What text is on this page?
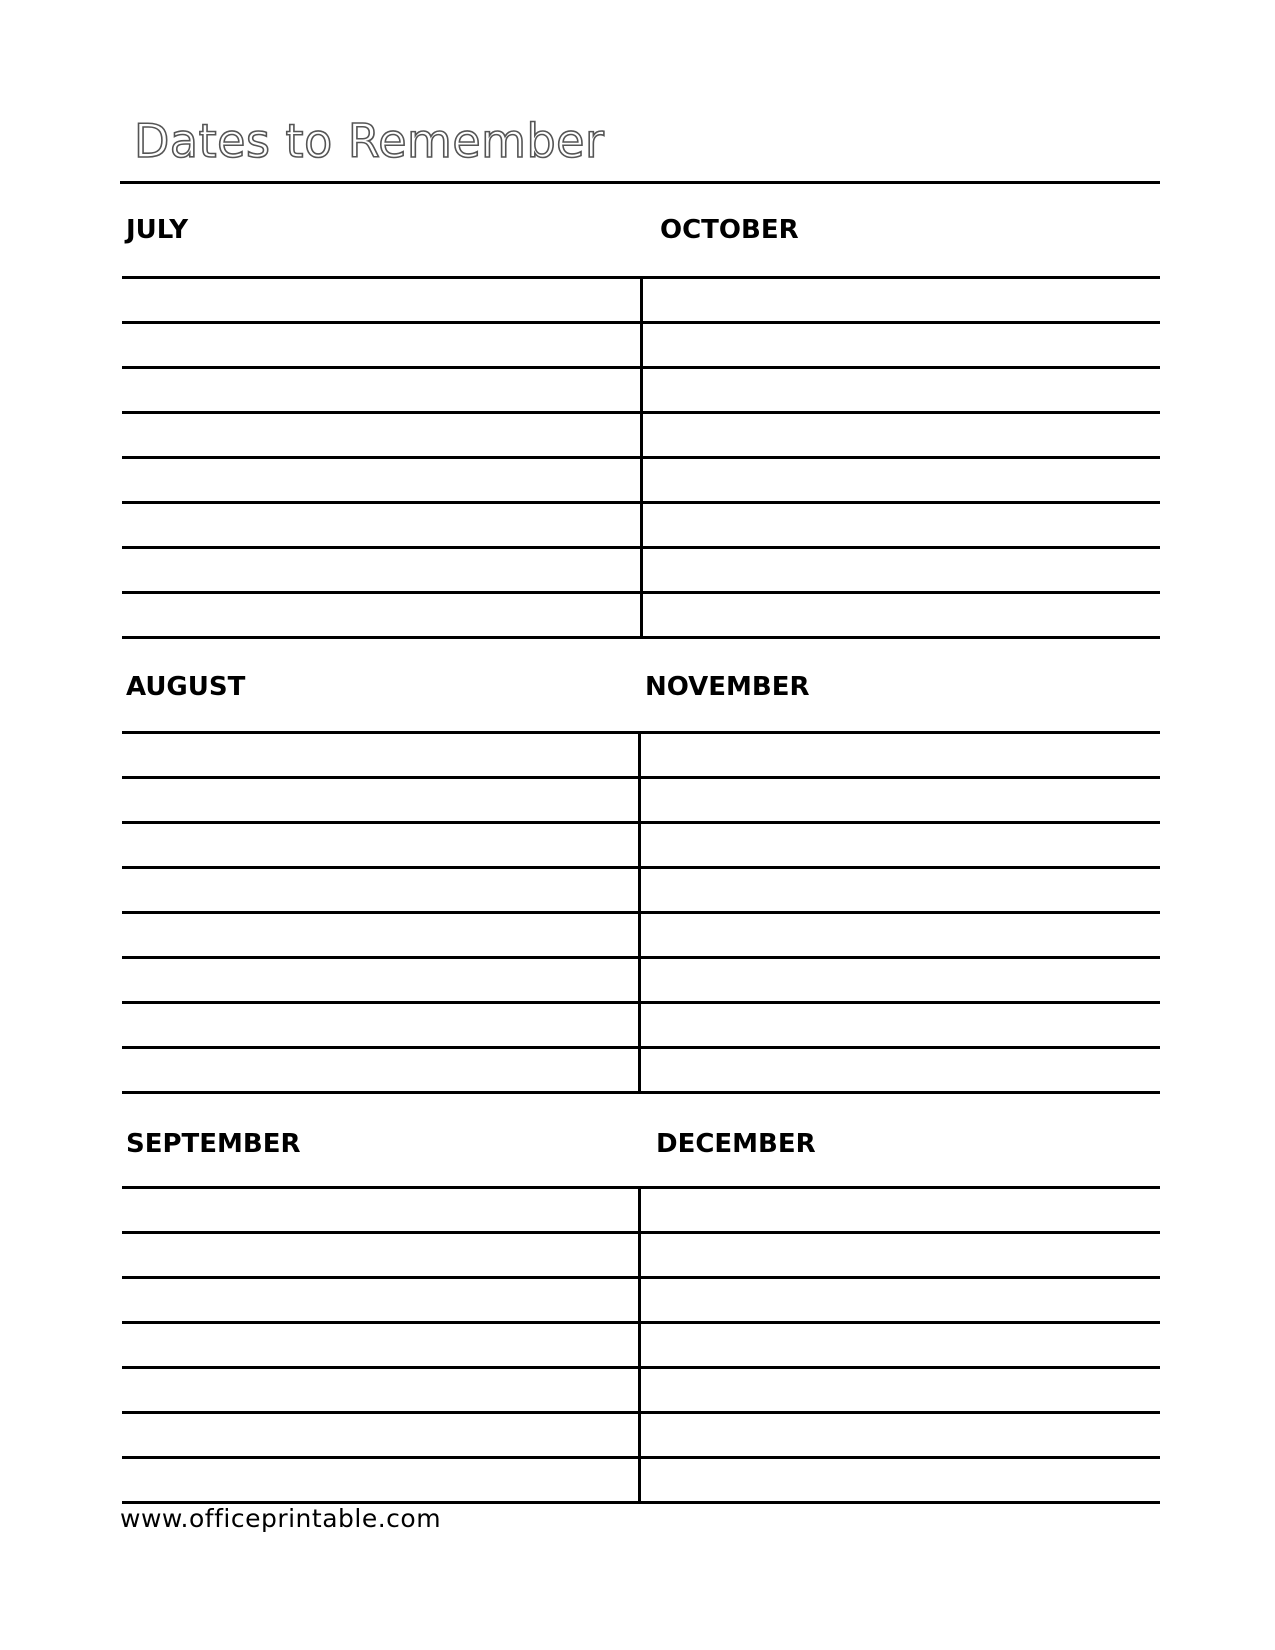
Dates to Remember
JULY	OCTOBER
AUGUST	NOVEMBER
SEPTEMBER	DECEMBER
www.officeprintable.com
